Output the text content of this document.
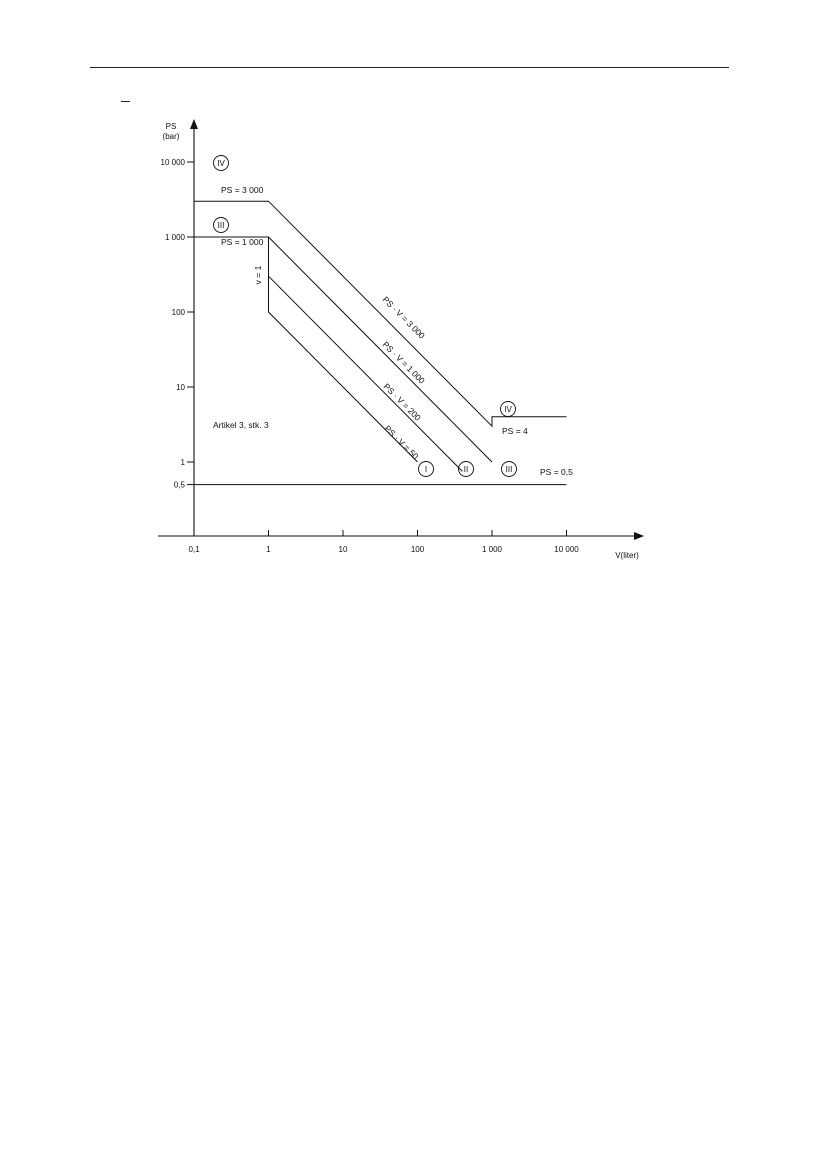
V(liter)
PS
(bar)
0,1	1	10	100	1 000	10 000
0,5
1
10
100
1 000
10 000
PS = 3 000
PS = 1 000
v = 1
PS · V = 3 000
PS · V = 1 000
PS · V = 200
PS · V = 50	PS = 4
PS = 0,5
IV
III
IV
I	II	III
Artikel 3, stk. 3
